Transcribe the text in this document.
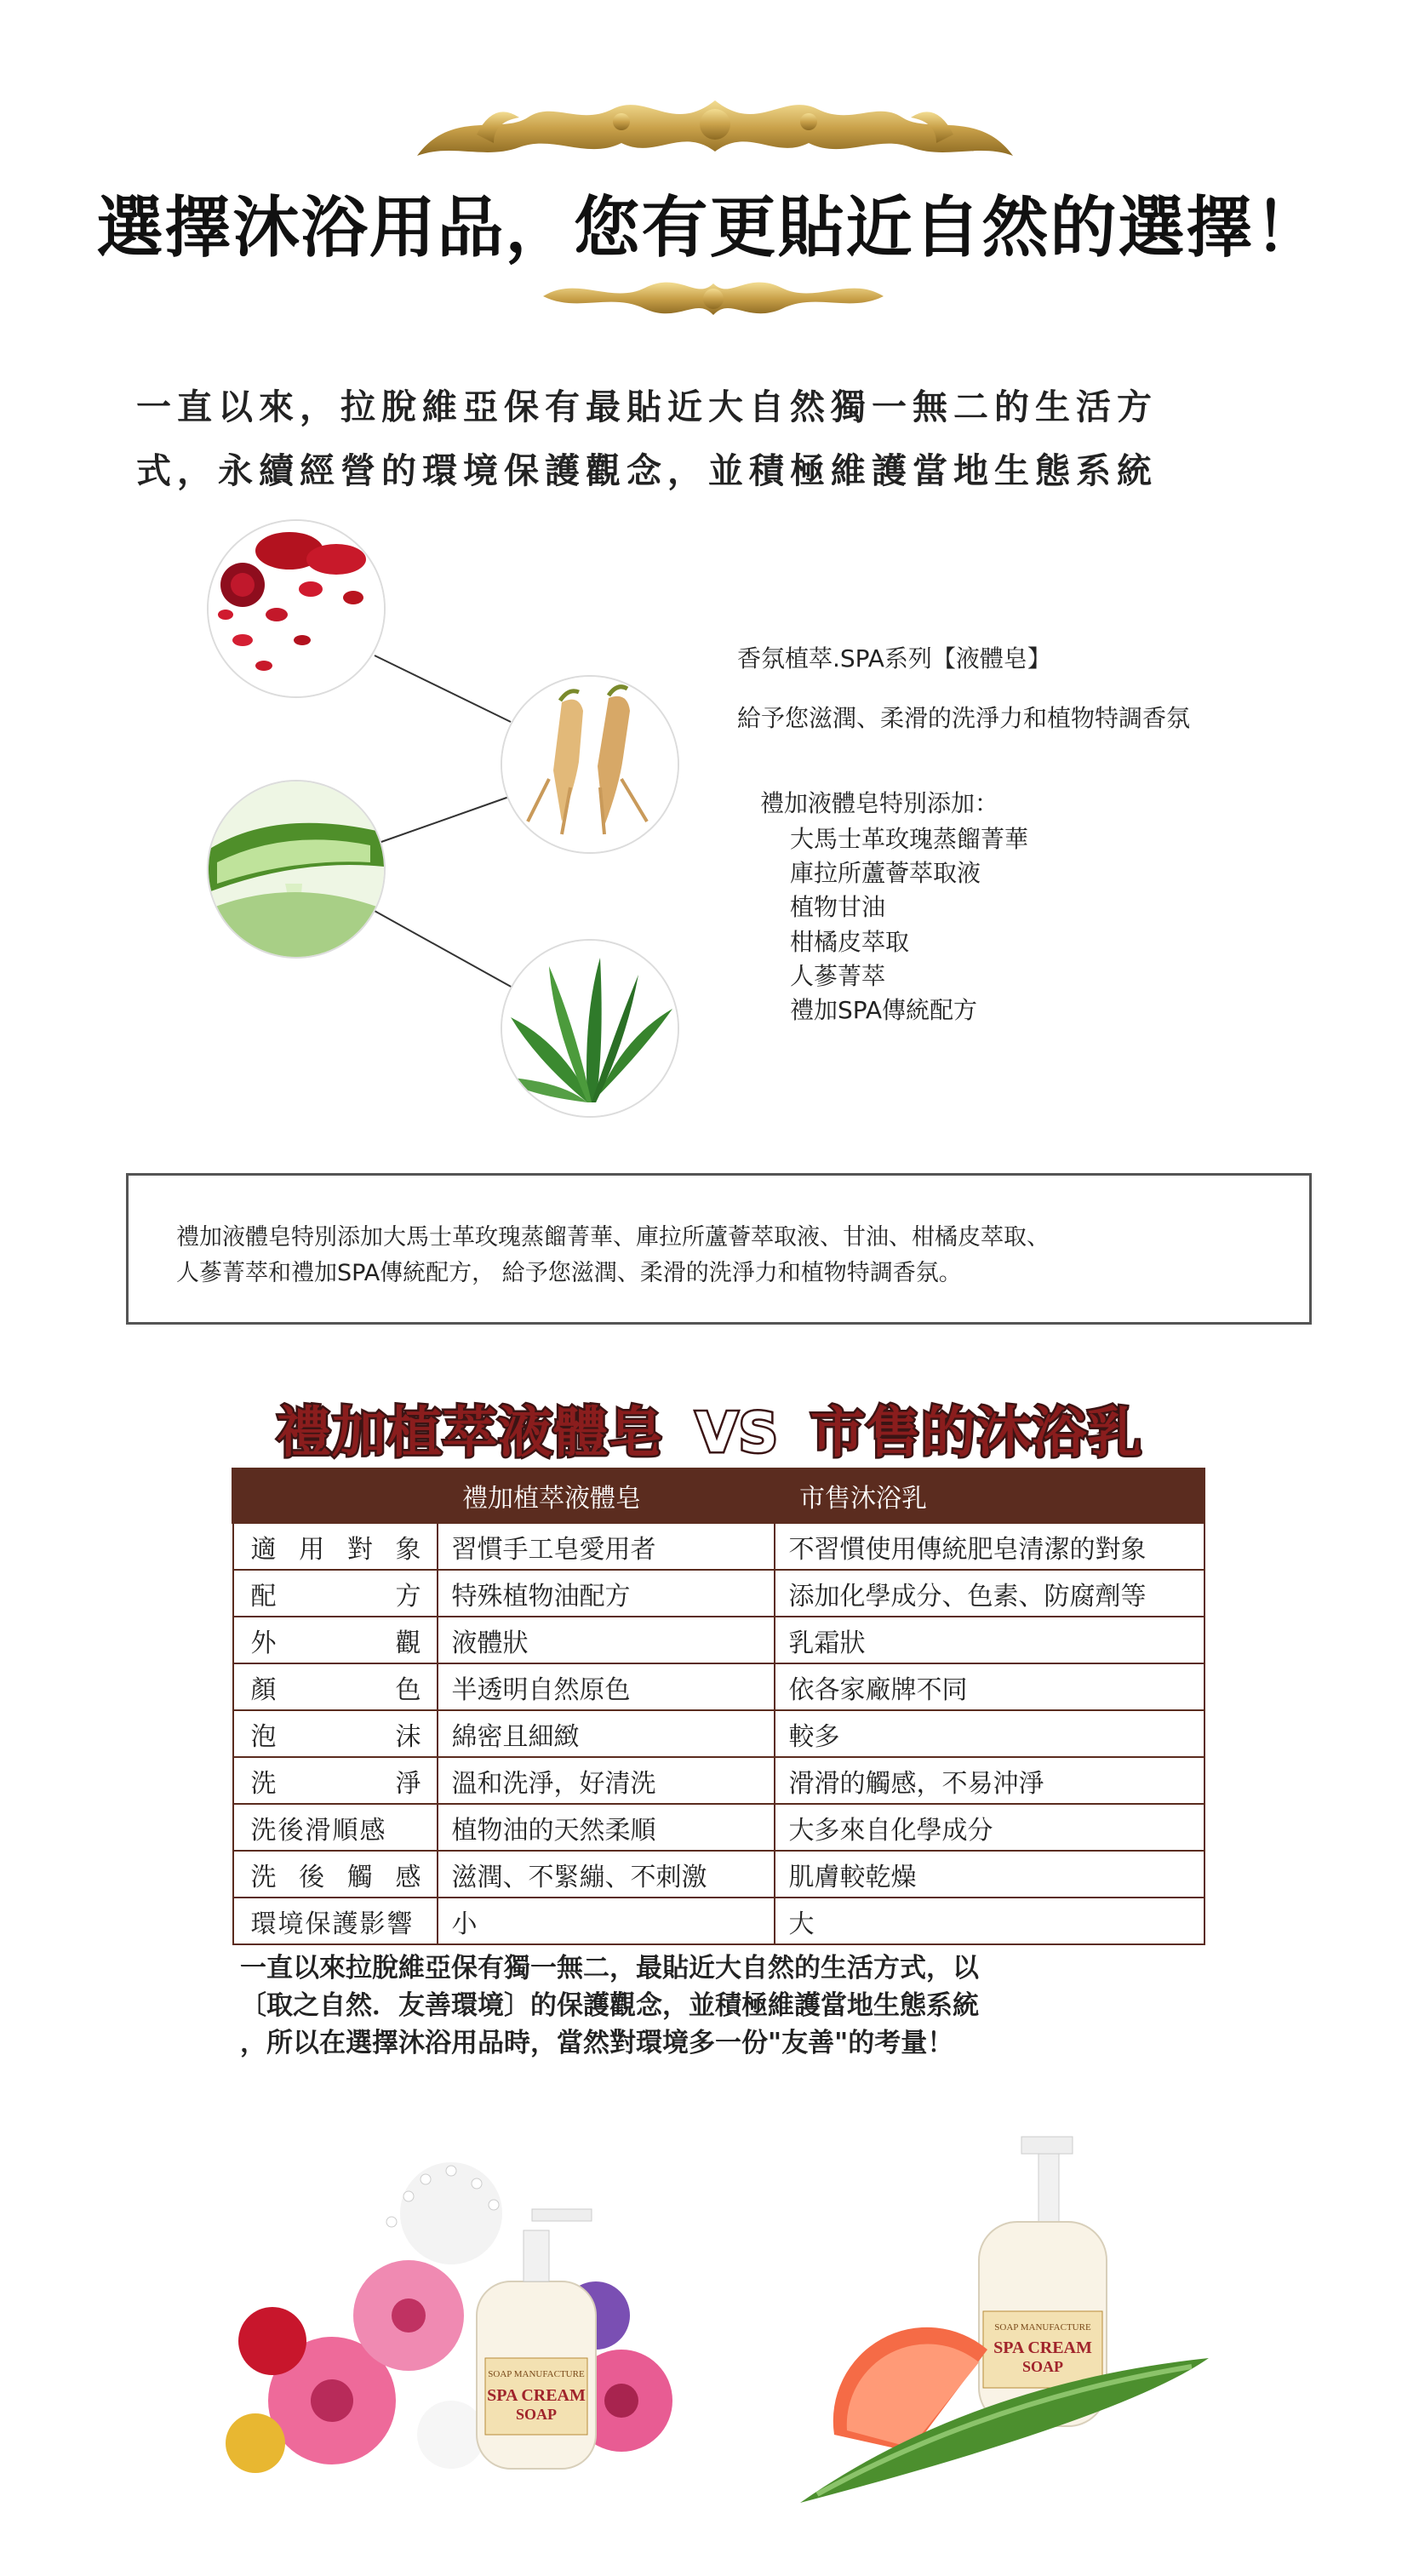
選擇沐浴用品，您有更貼近自然的選擇！
一直以來，拉脫維亞保有最貼近大自然獨一無二的生活方
式，永續經營的環境保護觀念，並積極維護當地生態系統
香氛植萃.SPA系列【液體皂】
給予您滋潤、柔滑的洗淨力和植物特調香氛
禮加液體皂特別添加：
大馬士革玫瑰蒸餾菁華
庫拉所蘆薈萃取液
植物甘油
柑橘皮萃取
人蔘菁萃
禮加SPA傳統配方
禮加液體皂特別添加大馬士革玫瑰蒸餾菁華、庫拉所蘆薈萃取液、甘油、柑橘皮萃取、
人蔘菁萃和禮加SPA傳統配方， 給予您滋潤、柔滑的洗淨力和植物特調香氛。
禮加植萃液體皂 VS 市售的沐浴乳
	禮加植萃液體皂	市售沐浴乳

適 用 對 象	習慣手工皂愛用者	不習慣使用傳統肥皂清潔的對象

配 方	特殊植物油配方	添加化學成分、色素、防腐劑等

外 觀	液體狀	乳霜狀

顏 色	半透明自然原色	依各家廠牌不同

泡 沫	綿密且細緻	較多

洗 淨	溫和洗淨，好清洗	滑滑的觸感，不易沖淨

洗後滑順感	植物油的天然柔順	大多來自化學成分

洗 後 觸 感	滋潤、不緊繃、不刺激	肌膚較乾燥

環境保護影響	小	大
一直以來拉脫維亞保有獨一無二，最貼近大自然的生活方式，以
〔取之自然．友善環境〕的保護觀念，並積極維護當地生態系統
，所以在選擇沐浴用品時，當然對環境多一份"友善"的考量！
SOAP MANUFACTURE
SPA CREAM
SOAP
SOAP MANUFACTURE
SPA CREAM
SOAP
